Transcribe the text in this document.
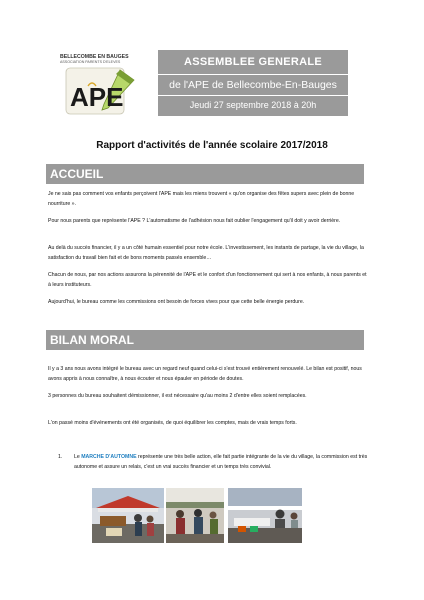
BELLECOMBE EN BAUGES
ASSOCIATION PARENTS D'ELEVES
APE
ASSEMBLEE GENERALE
de l'APE de Bellecombe-En-Bauges
Jeudi 27 septembre 2018 à 20h
Rapport d'activités de l'année scolaire 2017/2018
ACCUEIL
Je ne sais pas comment vos enfants perçoivent l'APE mais les miens trouvent « qu'on organise des fêtes supers avec plein de bonne nourriture ».
Pour nous parents que représente l'APE ? L'automatisme de l'adhésion nous fait oublier l'engagement qu'il doit y avoir derrière.
Au delà du succès financier, il y a un côté humain essentiel pour notre école. L'investissement, les instants de partage, la vie du village, la satisfaction du travail bien fait et de bons moments passés ensemble…
Chacun de nous, par nos actions assurons la pérennité de l'APE et le confort d'un fonctionnement qui sert à nos enfants, à nous parents et à leurs instituteurs.
Aujourd'hui, le bureau comme les commissions ont besoin de forces vives pour que cette belle énergie perdure.
BILAN MORAL
Il y a 3 ans nous avons intégré le bureau avec un regard neuf quand celui-ci s'est trouvé entièrement renouvelé. Le bilan est positif, nous avons appris à nous connaître, à nous écouter et nous épauler en période de doutes.
3 personnes du bureau souhaitent démissionner, il est nécessaire qu'au moins 2 d'entre elles soient remplacées.
L'on passé moins d'événements ont été organisés, de quoi équilibrer les comptes, mais de vrais temps forts.
1. Le MARCHE D'AUTOMNE représente une très belle action, elle fait partie intégrante de la vie du village, la commission est très autonome et assure un relais, c'est un vrai succès financier et un temps très convivial.
